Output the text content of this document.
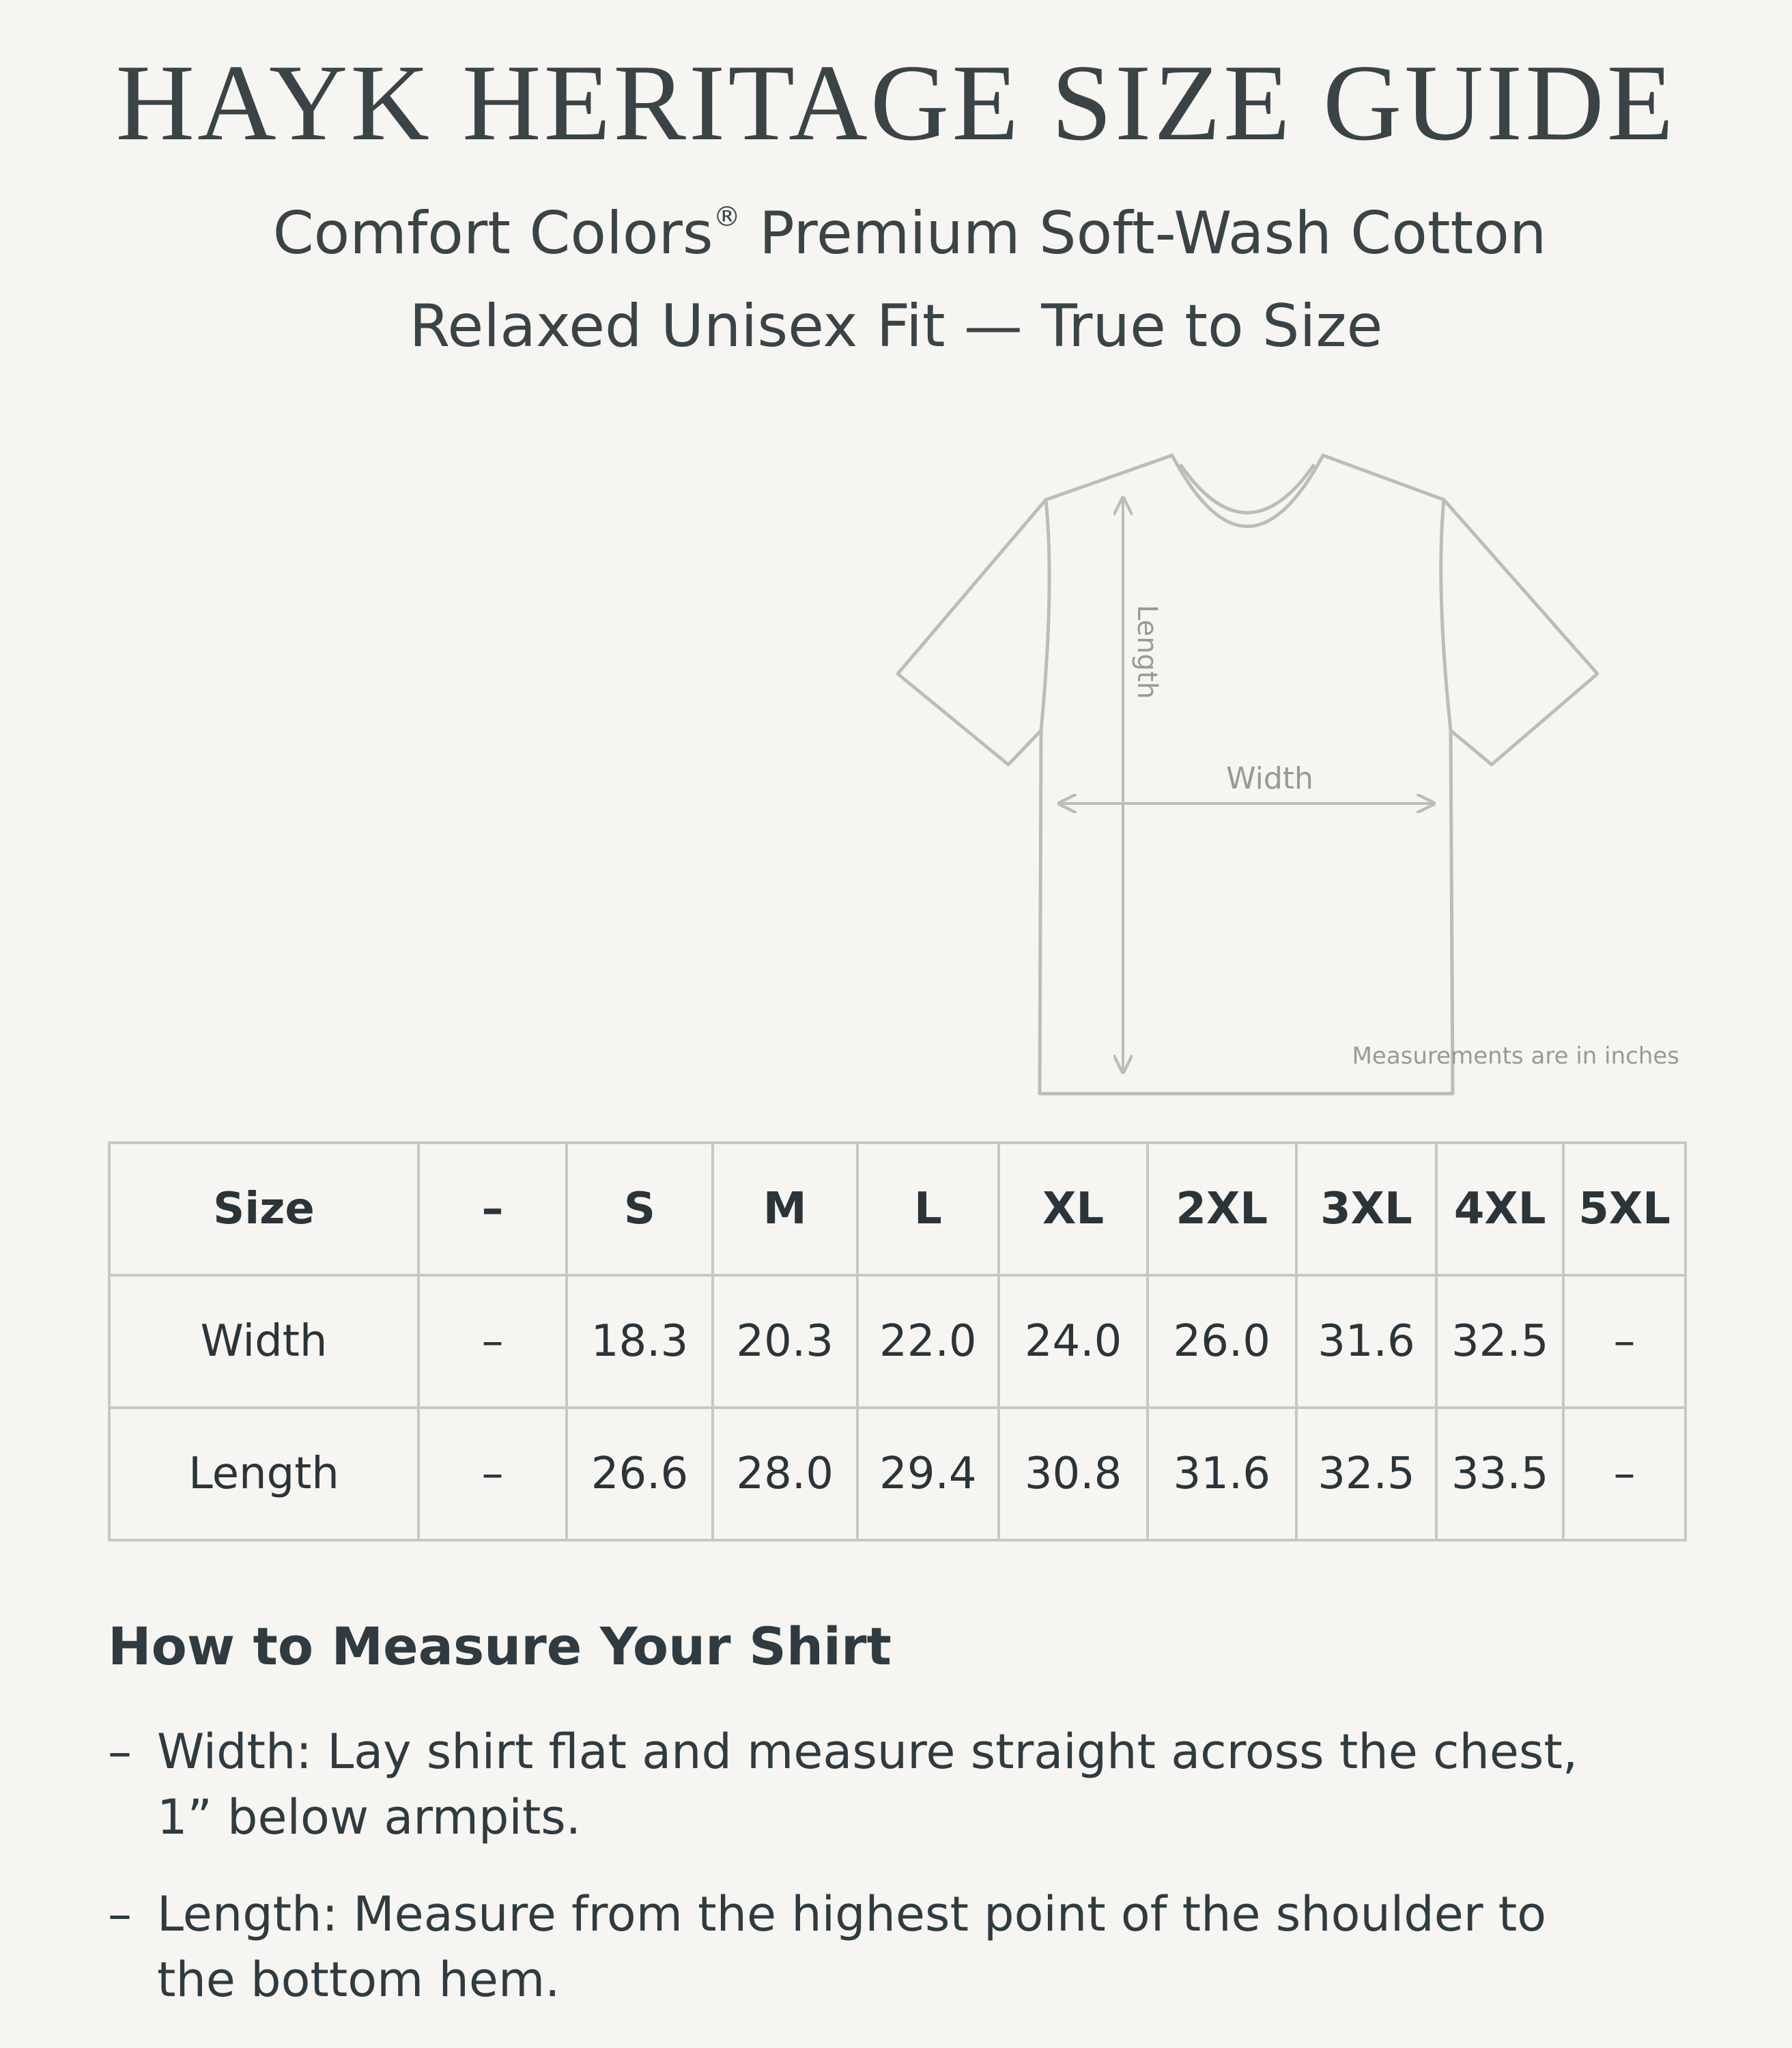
HAYK HERITAGE SIZE GUIDE
Comfort Colors® Premium Soft-Wash Cotton
Relaxed Unisex Fit — True to Size
Length
Width
Measurements are in inches
Size	–	S	M	L	XL	2XL	3XL	4XL	5XL
Width	–	18.3	20.3	22.0	24.0	26.0	31.6	32.5	–
Length	–	26.6	28.0	29.4	30.8	31.6	32.5	33.5	–
How to Measure Your Shirt
– Width: Lay shirt flat and measure straight across the chest, 1” below armpits.
– Length: Measure from the highest point of the shoulder to the bottom hem.
